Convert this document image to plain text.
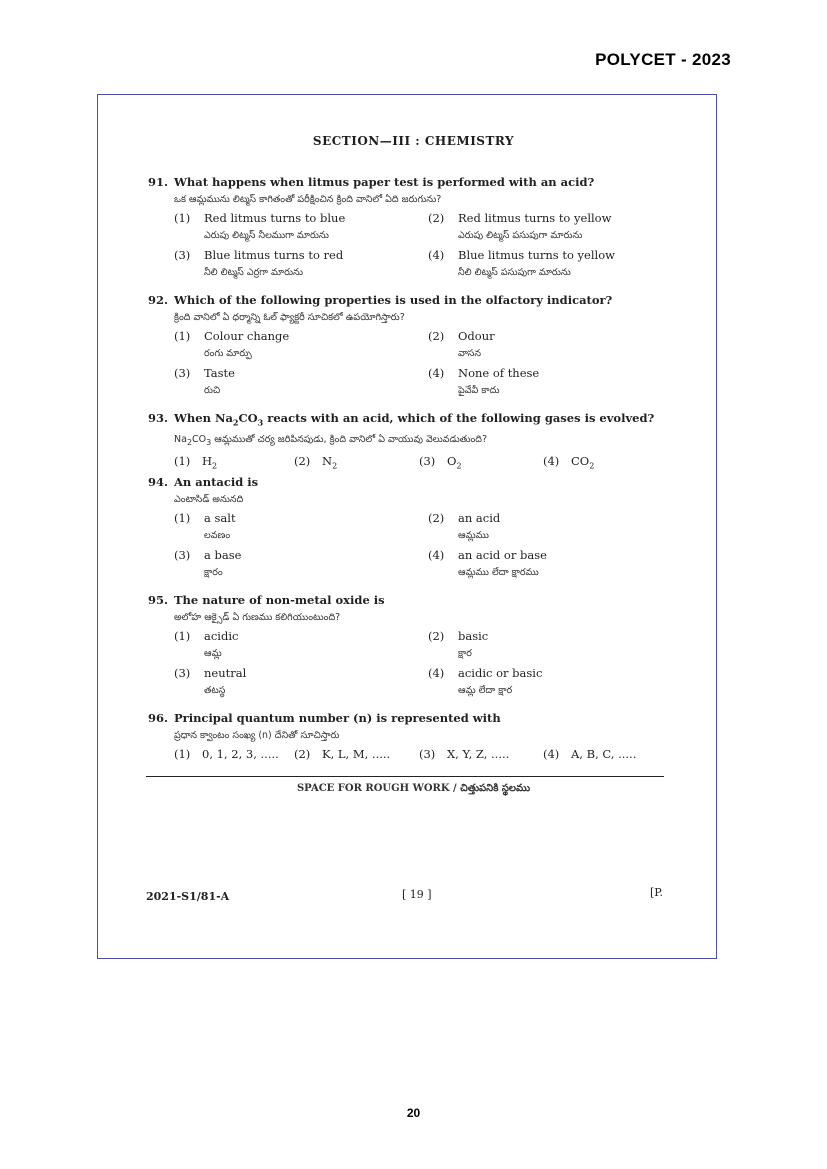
POLYCET - 2023
SECTION—III : CHEMISTRY
91. What happens when litmus paper test is performed with an acid?
ఒక ఆమ్లమును లిట్మస్ కాగితంతో పరీక్షించిన క్రింది వానిలో ఏది జరుగును?
(1)	Red litmus turns to blue
ఎరుపు లిట్మస్ నీలముగా మారును
(2)	Red litmus turns to yellow
ఎరుపు లిట్మస్ పసుపుగా మారును
(3)	Blue litmus turns to red
నీలి లిట్మస్ ఎర్రగా మారును
(4)	Blue litmus turns to yellow
నీలి లిట్మస్ పసుపుగా మారును
92. Which of the following properties is used in the olfactory indicator?
క్రింది వానిలో ఏ ధర్మాన్ని ఓల్ ఫ్యాక్టరీ సూచికలో ఉపయోగిస్తారు?
(1)	Colour change
రంగు మార్పు
(2)	Odour
వాసన
(3)	Taste
రుచి
(4)	None of these
పైవేవీ కాదు
93. When $Na_2CO_3$ reacts with an acid, which of the following gases is evolved?
$Na_2CO_3$ ఆమ్లముతో చర్య జరిపినపుడు, క్రింది వానిలో ఏ వాయువు వెలువడుతుంది?
(1)	$H_2$	(2)	$N_2$	(3)	$O_2$	(4)	$CO_2$
94. An antacid is
ఎంటాసిడ్ అనునది
(1)	a salt
లవణం
(2)	an acid
ఆమ్లము
(3)	a base
క్షారం
(4)	an acid or base
ఆమ్లము లేదా క్షారము
95. The nature of non-metal oxide is
అలోహ ఆక్సైడ్ ఏ గుణము కలిగియుంటుంది?
(1)	acidic
ఆమ్ల
(2)	basic
క్షార
(3)	neutral
తటస్థ
(4)	acidic or basic
ఆమ్ల లేదా క్షార
96. Principal quantum number (n) is represented with
ప్రధాన క్వాంటం సంఖ్య (n) దేనితో సూచిస్తారు
(1)	0, 1, 2, 3, ..... (2)	K, L, M, .....	(3)	X, Y, Z, .....	(4)	A, B, C, .....
SPACE FOR ROUGH WORK / చిత్తుపనికి స్థలము
2021-S1/81-A	[ 19 ]	[P.
20
